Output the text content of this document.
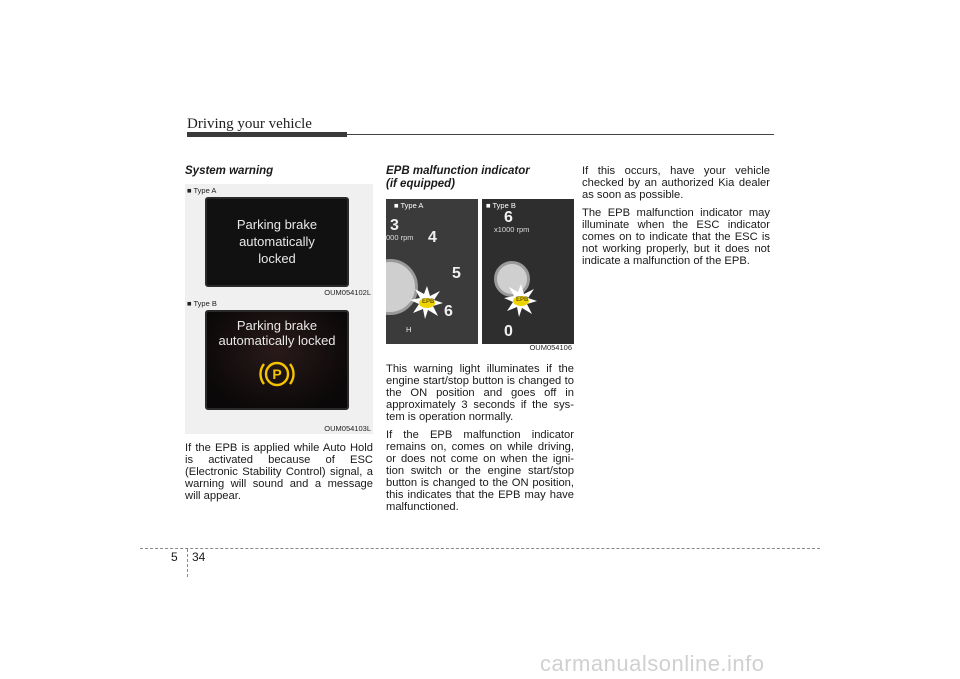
Driving your vehicle
System warning
■ Type A
Parking brake
automatically
locked
OUM054102L
■ Type B
Parking brake
automatically locked
P
OUM054103L

If the EPB is applied while Auto Hold is activated because of ESC (Electronic Stability Control) signal, a warning will sound and a message will appear.

EPB malfunction indicator
(if equipped)
■ Type A
3
000 rpm 4
5
6
EPB
H
■ Type B
6
x1000 rpm
EPB
0
OUM054106

This warning light illuminates if the engine start/stop button is changed to the ON position and goes off in approximately 3 seconds if the sys-tem is operation normally.

If the EPB malfunction indicator remains on, comes on while driving, or does not come on when the igni-tion switch or the engine start/stop button is changed to the ON position, this indicates that the EPB may have malfunctioned.

If this occurs, have your vehicle checked by an authorized Kia dealer as soon as possible.

The EPB malfunction indicator may illuminate when the ESC indicator comes on to indicate that the ESC is not working properly, but it does not indicate a malfunction of the EPB.

5 34
carmanualsonline.info
